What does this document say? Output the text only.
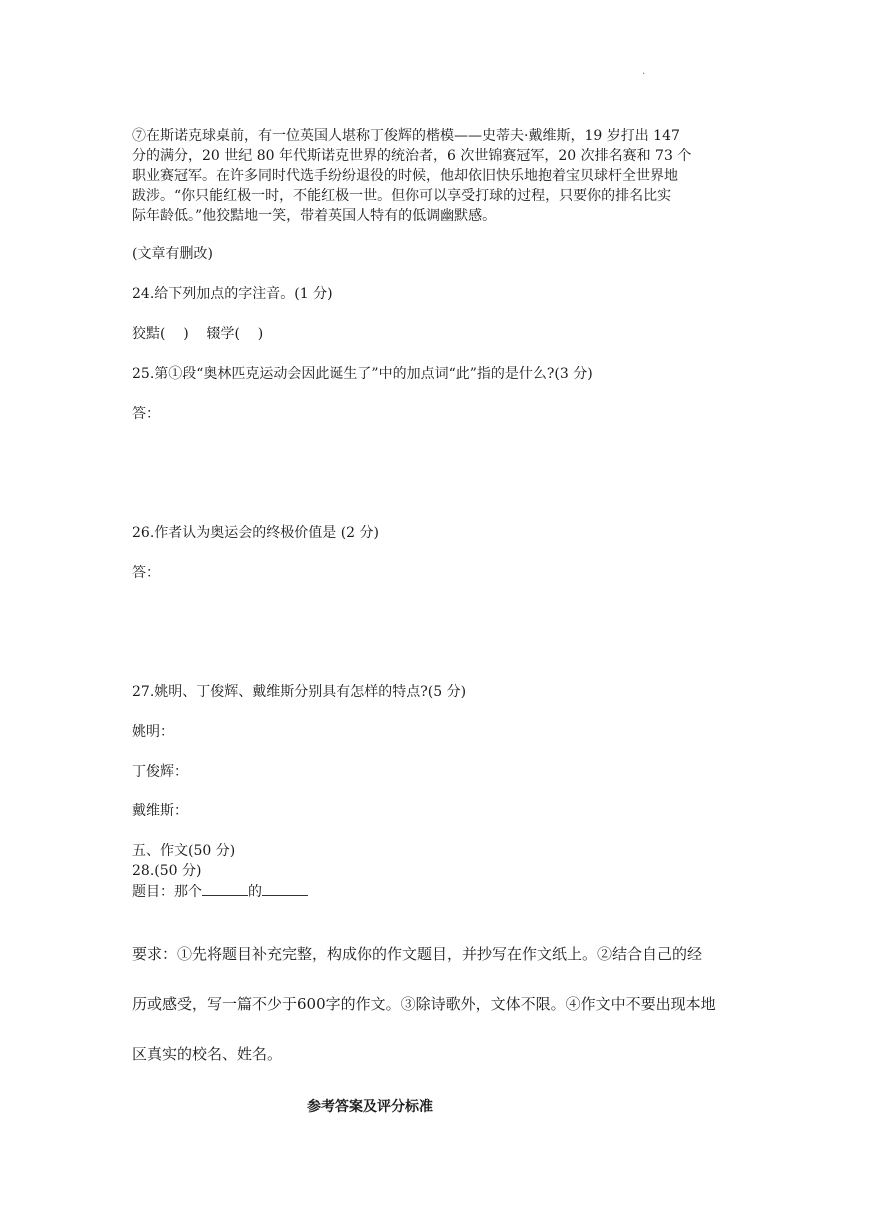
.
⑦在斯诺克球桌前，有一位英国人堪称丁俊辉的楷模——史蒂夫·戴维斯，19 岁打出 147
分的满分，20 世纪 80 年代斯诺克世界的统治者，6 次世锦赛冠军，20 次排名赛和 73 个
职业赛冠军。在许多同时代选手纷纷退役的时候，他却依旧快乐地抱着宝贝球杆全世界地
跋涉。“你只能红极一时，不能红极一世。但你可以享受打球的过程，只要你的排名比实
际年龄低。”他狡黠地一笑，带着英国人特有的低调幽默感。
(文章有删改)
24.给下列加点的字注音。(1 分)
狡黠(    )    辍学(    )
25.第①段“奥林匹克运动会因此诞生了”中的加点词“此”指的是什么?(3 分)
答：
26.作者认为奥运会的终极价值是 (2 分)
答：
27.姚明、丁俊辉、戴维斯分别具有怎样的特点?(5 分)
姚明：
丁俊辉：
戴维斯：
五、作文(50 分)
28.(50 分)
题目：那个	的
要求：①先将题目补充完整，构成你的作文题目，并抄写在作文纸上。②结合自己的经
历或感受，写一篇不少于600字的作文。③除诗歌外，文体不限。④作文中不要出现本地
区真实的校名、姓名。
参考答案及评分标准
